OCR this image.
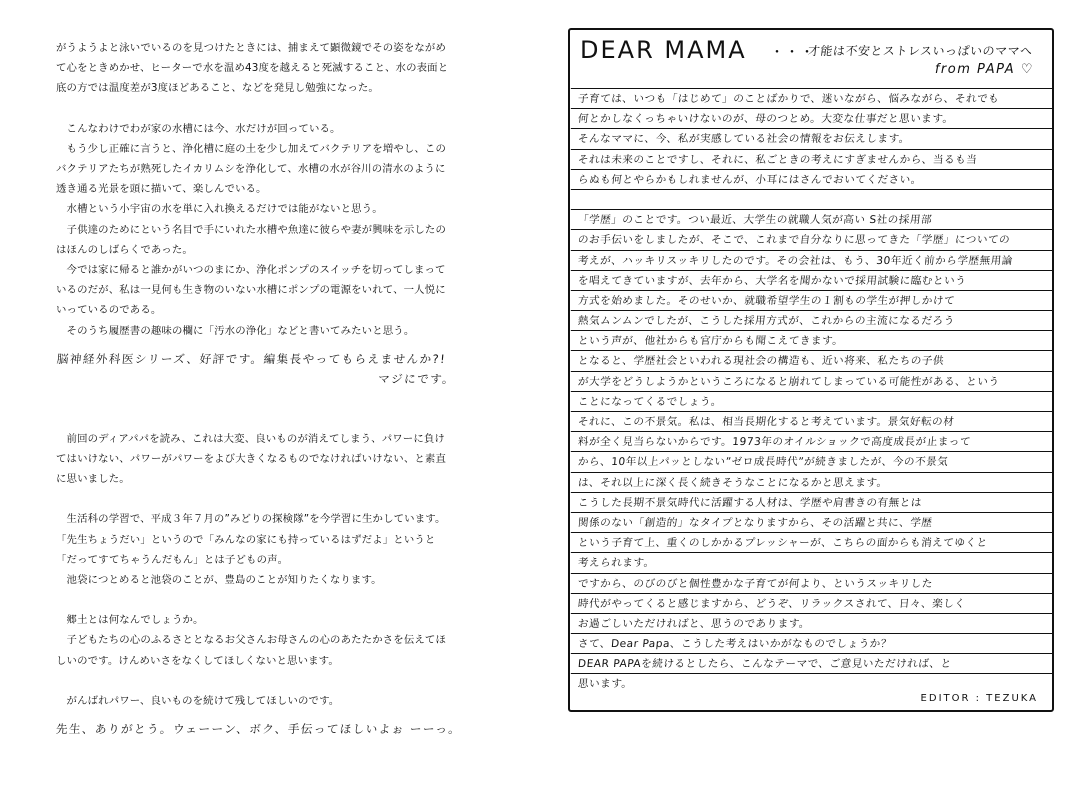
がうようよと泳いでいるのを見つけたときには、捕まえて顕微鏡でその姿をながめ

て心をときめかせ、ヒーターで水を温め43度を越えると死滅すること、水の表面と

底の方では温度差が3度ほどあること、などを発見し勉強になった。

　こんなわけでわが家の水槽には今、水だけが回っている。

　もう少し正確に言うと、浄化槽に庭の土を少し加えてバクテリアを増やし、この

バクテリアたちが熟死したイカリムシを浄化して、水槽の水が谷川の清水のように

透き通る光景を頭に描いて、楽しんでいる。

　水槽という小宇宙の水を単に入れ換えるだけでは能がないと思う。

　子供達のためにという名目で手にいれた水槽や魚達に彼らや妻が興味を示したの

はほんのしばらくであった。

　今では家に帰ると誰かがいつのまにか、浄化ポンプのスイッチを切ってしまって

いるのだが、私は一見何も生き物のいない水槽にポンプの電源をいれて、一人悦に

いっているのである。

　そのうち履歴書の趣味の欄に「汚水の浄化」などと書いてみたいと思う。

脳神経外科医シリーズ、好評です。編集長やってもらえませんか?!

マジにです。

　前回のディアパパを読み、これは大変、良いものが消えてしまう、パワーに負け

てはいけない、パワーがパワーをよび大きくなるものでなければいけない、と素直

に思いました。

　生活科の学習で、平成３年７月の”みどりの探検隊”を今学習に生かしています。

「先生ちょうだい」というので「みんなの家にも持っているはずだよ」というと

「だってすてちゃうんだもん」とは子どもの声。

　池袋につとめると池袋のことが、豊島のことが知りたくなります。

　郷土とは何なんでしょうか。

　子どもたちの心のふるさととなるお父さんお母さんの心のあたたかさを伝えてほ

しいのです。けんめいさをなくしてほしくないと思います。

　がんばれパワー、良いものを続けて残してほしいのです。

先生、ありがとう。ウェーーン、ボク、手伝ってほしいよぉ ーーっ。

DEAR MAMA ・・・
才能は不安とストレスいっぱいのママへ
from PAPA ♡
子育ては、いつも「はじめて」のことばかりで、迷いながら、悩みながら、それでも
何とかしなくっちゃいけないのが、母のつとめ。大変な仕事だと思います。
そんなママに、今、私が実感している社会の情報をお伝えします。
それは未来のことですし、それに、私ごときの考えにすぎませんから、当るも当
らぬも何とやらかもしれませんが、小耳にはさんでおいてください。
「学歴」のことです。つい最近、大学生の就職人気が高い S社の採用部
のお手伝いをしましたが、そこで、これまで自分なりに思ってきた「学歴」についての
考えが、ハッキリスッキリしたのです。その会社は、もう、30年近く前から学歴無用論
を唱えてきていますが、去年から、大学名を聞かないで採用試験に臨むという
方式を始めました。そのせいか、就職希望学生の１割もの学生が押しかけて
熱気ムンムンでしたが、こうした採用方式が、これからの主流になるだろう
という声が、他社からも官庁からも聞こえてきます。
となると、学歴社会といわれる現社会の構造も、近い将来、私たちの子供
が大学をどうしようかというころになると崩れてしまっている可能性がある、という
ことになってくるでしょう。
それに、この不景気。私は、相当長期化すると考えています。景気好転の材
料が全く見当らないからです。1973年のオイルショックで高度成長が止まって
から、10年以上パッとしない”ゼロ成長時代”が続きましたが、今の不景気
は、それ以上に深く長く続きそうなことになるかと思えます。
こうした長期不景気時代に活躍する人材は、学歴や肩書きの有無とは
関係のない「創造的」なタイプとなりますから、その活躍と共に、学歴
という子育て上、重くのしかかるプレッシャーが、こちらの面からも消えてゆくと
考えられます。
ですから、のびのびと個性豊かな子育てが何より、というスッキリした
時代がやってくると感じますから、どうぞ、リラックスされて、日々、楽しく
お過ごしいただければと、思うのであります。
さて、Dear Papa、こうした考えはいかがなものでしょうか？
DEAR PAPAを続けるとしたら、こんなテーマで、ご意見いただければ、と
思います。
EDITOR : TEZUKA
